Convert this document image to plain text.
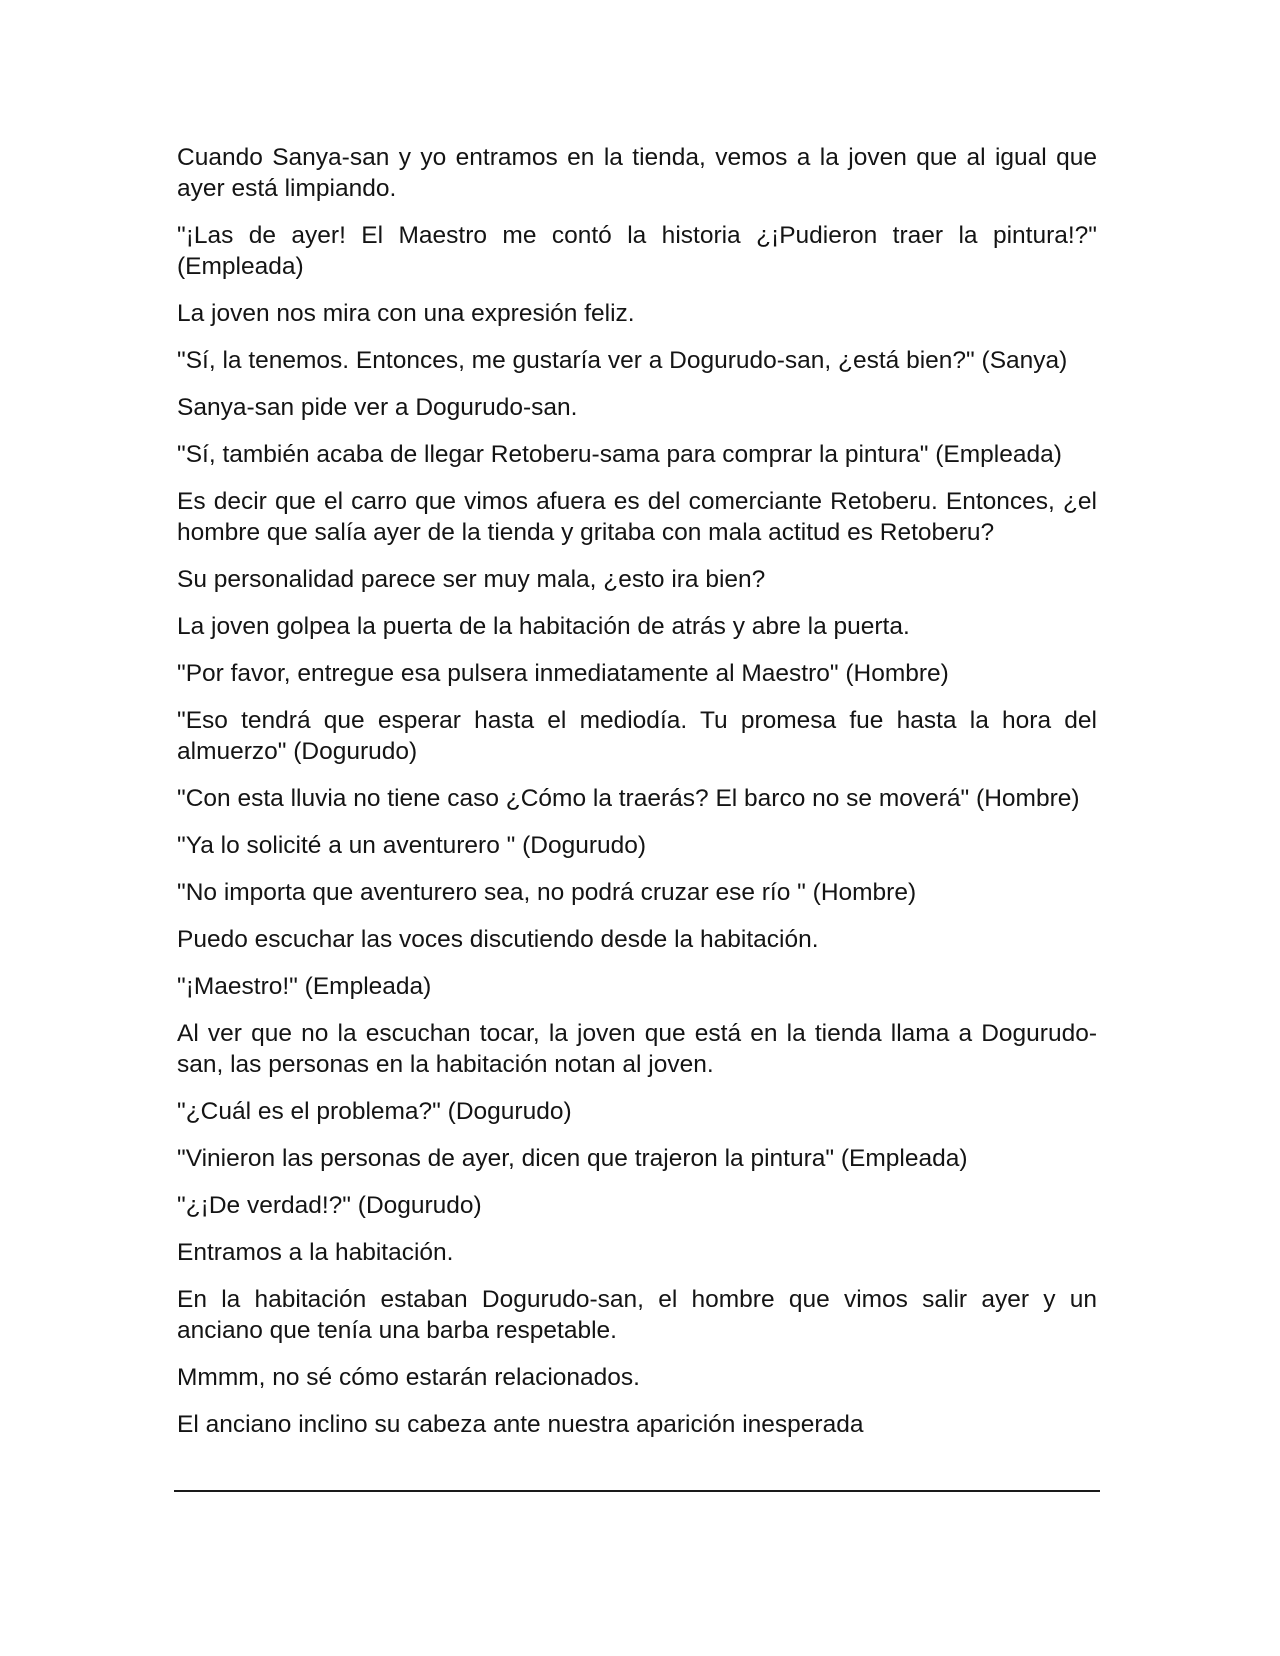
Cuando Sanya-san y yo entramos en la tienda, vemos a la joven que al igual que ayer está limpiando.

"¡Las de ayer! El Maestro me contó la historia ¿¡Pudieron traer la pintura!?" (Empleada)

La joven nos mira con una expresión feliz.

"Sí, la tenemos. Entonces, me gustaría ver a Dogurudo-san, ¿está bien?" (Sanya)

Sanya-san pide ver a Dogurudo-san.

"Sí, también acaba de llegar Retoberu-sama para comprar la pintura" (Empleada)

Es decir que el carro que vimos afuera es del comerciante Retoberu. Entonces, ¿el hombre que salía ayer de la tienda y gritaba con mala actitud es Retoberu?

Su personalidad parece ser muy mala, ¿esto ira bien?

La joven golpea la puerta de la habitación de atrás y abre la puerta.

"Por favor, entregue esa pulsera inmediatamente al Maestro" (Hombre)

"Eso tendrá que esperar hasta el mediodía. Tu promesa fue hasta la hora del almuerzo" (Dogurudo)

"Con esta lluvia no tiene caso ¿Cómo la traerás? El barco no se moverá" (Hombre)

"Ya lo solicité a un aventurero " (Dogurudo)

"No importa que aventurero sea, no podrá cruzar ese río " (Hombre)

Puedo escuchar las voces discutiendo desde la habitación.

"¡Maestro!" (Empleada)

Al ver que no la escuchan tocar, la joven que está en la tienda llama a Dogurudo-san, las personas en la habitación notan al joven.

"¿Cuál es el problema?" (Dogurudo)

"Vinieron las personas de ayer, dicen que trajeron la pintura" (Empleada)

"¿¡De verdad!?" (Dogurudo)

Entramos a la habitación.

En la habitación estaban Dogurudo-san, el hombre que vimos salir ayer y un anciano que tenía una barba respetable.

Mmmm, no sé cómo estarán relacionados.

El anciano inclino su cabeza ante nuestra aparición inesperada
